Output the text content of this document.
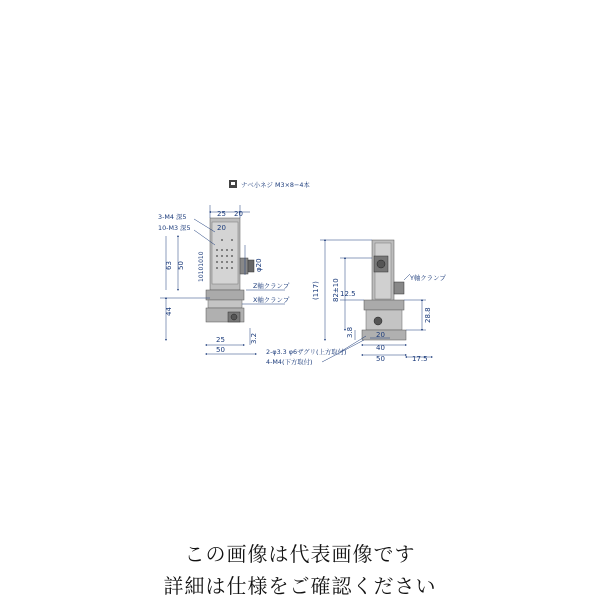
ナベ小ネジ M3×8−4本
3-M4 深5
10-M3 深5
25 20
20
φ20
10101010
50
63
44
Z軸クランプ
X軸クランプ
3.2
25
50
(117) 82±10 12.5
Y軸クランプ
28.8
3.8	20
40
50	17.5
2-φ3.3 φ6ザグリ(上方取付)
4-M4(下方取付)
この画像は代表画像です
詳細は仕様をご確認ください
